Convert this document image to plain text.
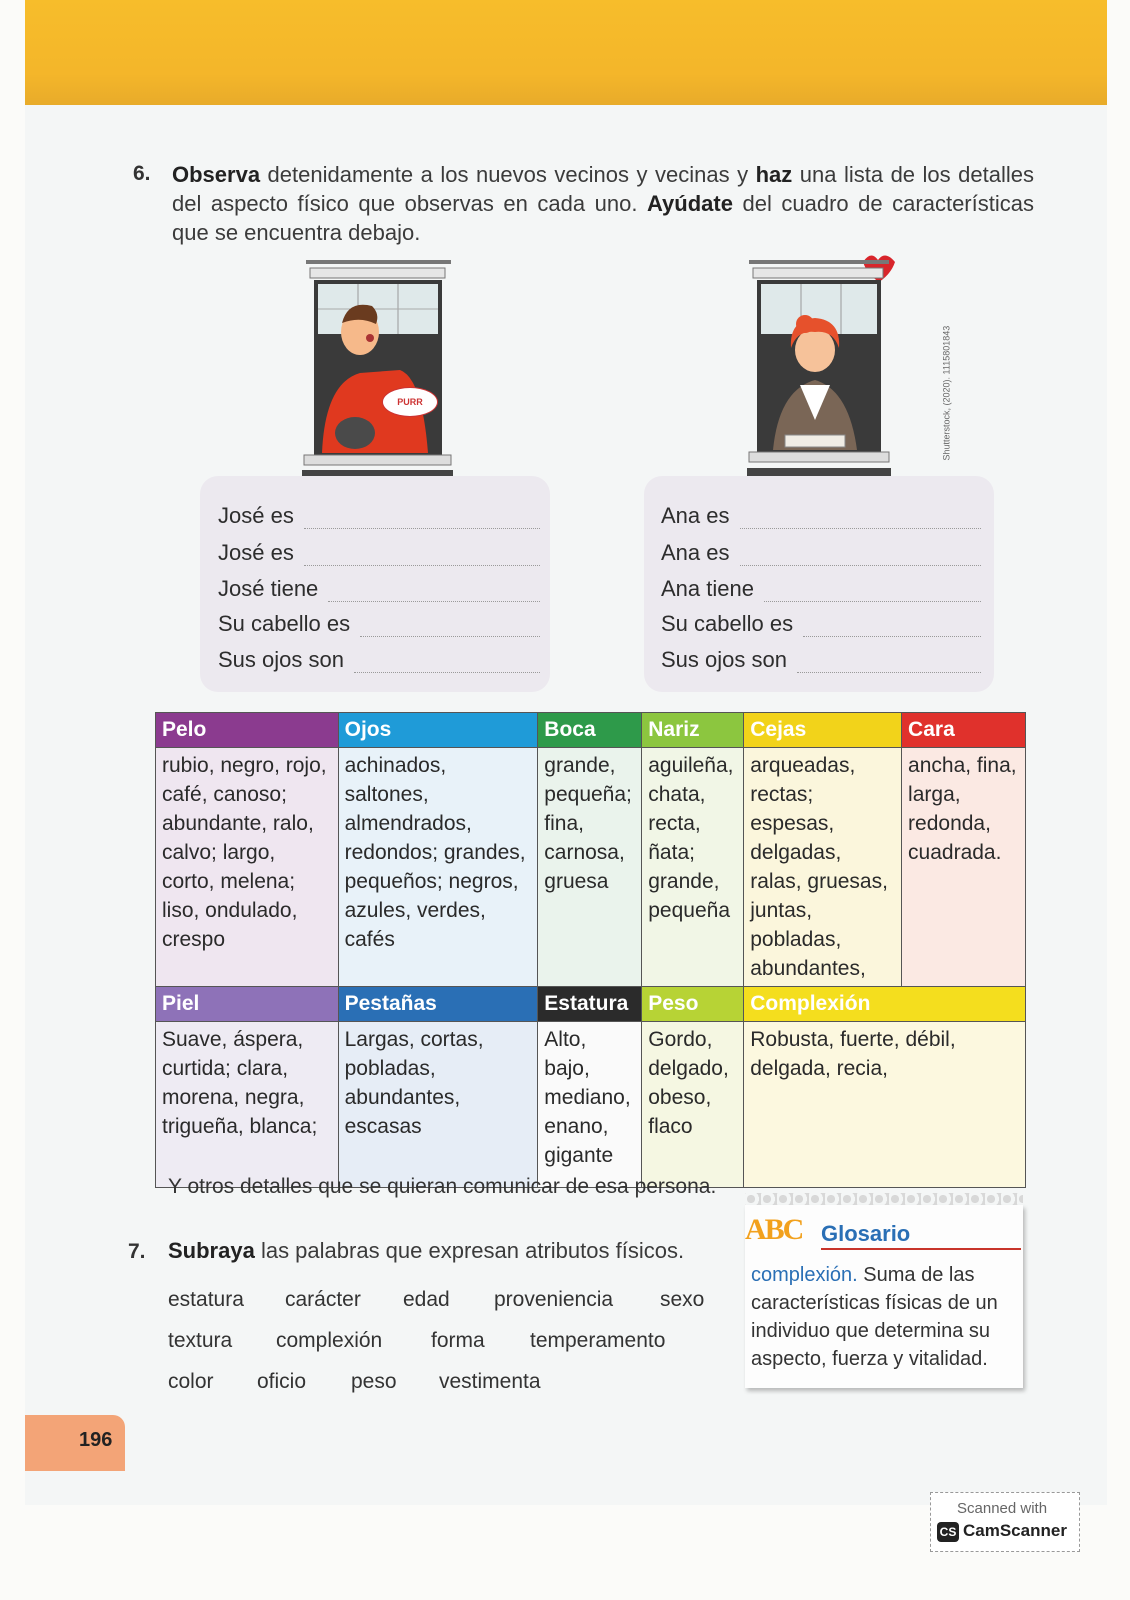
6. Observa detenidamente a los nuevos vecinos y vecinas y haz una lista de los detalles del aspecto físico que observas en cada uno. Ayúdate del cuadro de características que se encuentra debajo.
PURR	Shutterstock, (2020). 1115801843
José es
José es
José tiene
Su cabello es
Sus ojos son
Ana es
Ana es
Ana tiene
Su cabello es
Sus ojos son
Pelo	Ojos	Boca	Nariz	Cejas	Cara
rubio, negro, rojo, café, canoso; abundante, ralo, calvo; largo, corto, melena; liso, ondulado, crespo	achinados, saltones, almendrados, redondos; grandes, pequeños; negros, azules, verdes, cafés	grande, pequeña; fina, carnosa, gruesa	aguileña, chata, recta, ñata; grande, pequeña	arqueadas, rectas; espesas, delgadas, ralas, gruesas, juntas, pobladas, abundantes,	ancha, fina, larga, redonda, cuadrada.
Piel	Pestañas	Estatura	Peso	Complexión	
Suave, áspera, curtida; clara, morena, negra, trigueña, blanca;	Largas, cortas, pobladas, abundantes, escasas	Alto, bajo, mediano, enano, gigante	Gordo, delgado, obeso, flaco	Robusta, fuerte, débil, delgada, recia,	
Y otros detalles que se quieran comunicar de esa persona.
7. Subraya las palabras que expresan atributos físicos.
estatura carácter edad proveniencia sexo
textura complexión forma temperamento
color oficio peso vestimenta
ABC Glosario
complexión. Suma de las características físicas de un individuo que determina su aspecto, fuerza y vitalidad.
196
Scanned with
CS CamScanner
